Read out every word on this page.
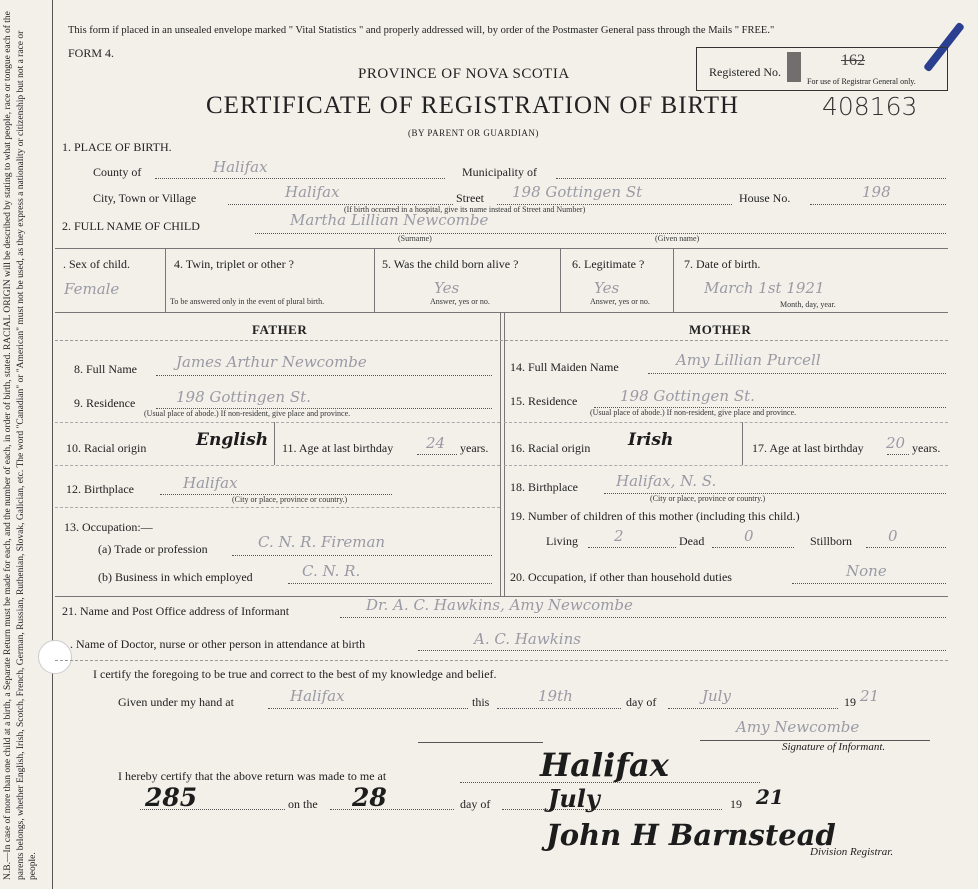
N.B.—In case of more than one child at a birth, a Separate Return must be made for each, and the number of each, in order of birth, stated. RACIAL ORIGIN will be described by stating to what people, race or tongue each of the parents belongs, whether English, Irish, Scotch, French, German, Russian, Ruthenian, Slovak, Galician, etc. The word "Canadian" or "American" must not be used, as they express a nationality or citizenship but not a race or people.
This form if placed in an unsealed envelope marked " Vital Statistics " and properly addressed will, by order of the Postmaster General pass through the Mails " FREE."
FORM 4.
PROVINCE OF NOVA SCOTIA
CERTIFICATE OF REGISTRATION OF BIRTH
(BY PARENT OR GUARDIAN)
Registered No.
162
For use of Registrar General only.
408163
1. PLACE OF BIRTH.
County of	Halifax	Municipality of
City, Town or Village	Halifax	Street 198 Gottingen St	House No.	198
(If birth occurred in a hospital, give its name instead of Street and Number)
2. FULL NAME OF CHILD	Martha Lillian Newcombe
(Surname)	(Given name)
. Sex of child.
Female
4. Twin, triplet or other ?
To be answered only in the event of plural birth.
5. Was the child born alive ?
Yes
Answer, yes or no.
6. Legitimate ?
Yes
Answer, yes or no.
7. Date of birth.
March 1st 1921
Month, day, year.
FATHER	MOTHER
8. Full Name	James Arthur Newcombe
9. Residence	198 Gottingen St.
(Usual place of abode.) If non-resident, give place and province.
10. Racial origin	English 11. Age at last birthday 24 years.
12. Birthplace	Halifax
(City or place, province or country.)
13. Occupation:—
(a) Trade or profession	C. N. R. Fireman
(b) Business in which employed	C. N. R.
14. Full Maiden Name	Amy Lillian Purcell
15. Residence	198 Gottingen St.
(Usual place of abode.) If non-resident, give place and province.
16. Racial origin Irish	17. Age at last birthday 20 years.
18. Birthplace	Halifax, N. S.
(City or place, province or country.)
19. Number of children of this mother (including this child.)
Living 2	Dead	0	Stillborn 0
20. Occupation, if other than household duties	None
21. Name and Post Office address of Informant	Dr. A. C. Hawkins, Amy Newcombe
. Name of Doctor, nurse or other person in attendance at birth	A. C. Hawkins
I certify the foregoing to be true and correct to the best of my knowledge and belief.
Given under my hand at	Halifax	this	19th	day of	July	19 21
Amy Newcombe
Signature of Informant.
I hereby certify that the above return was made to me at	Halifax
285	on the 28	day of July	19 21
John H Barnstead
Division Registrar.
